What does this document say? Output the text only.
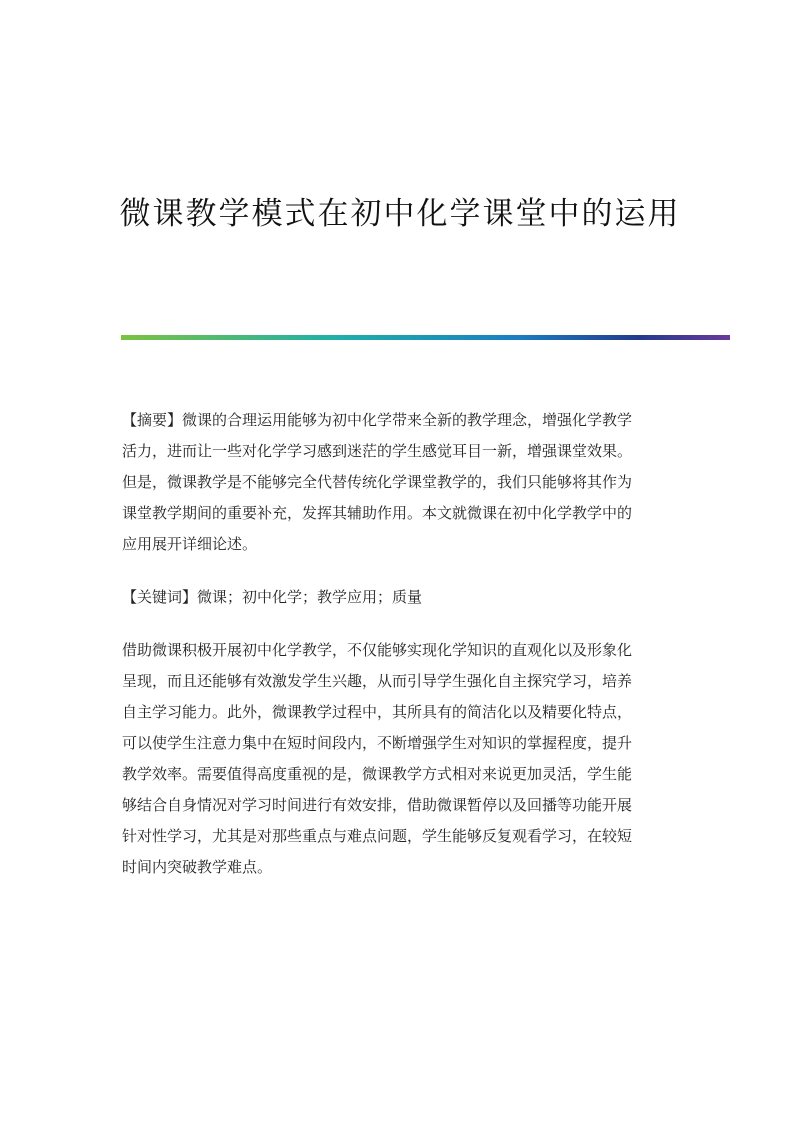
微课教学模式在初中化学课堂中的运用
【摘要】微课的合理运用能够为初中化学带来全新的教学理念，增强化学教学
活力，进而让一些对化学学习感到迷茫的学生感觉耳目一新，增强课堂效果。
但是，微课教学是不能够完全代替传统化学课堂教学的，我们只能够将其作为
课堂教学期间的重要补充，发挥其辅助作用。本文就微课在初中化学教学中的
应用展开详细论述。
【关键词】微课；初中化学；教学应用；质量
借助微课积极开展初中化学教学，不仅能够实现化学知识的直观化以及形象化
呈现，而且还能够有效激发学生兴趣，从而引导学生强化自主探究学习，培养
自主学习能力。此外，微课教学过程中，其所具有的简洁化以及精要化特点，
可以使学生注意力集中在短时间段内，不断增强学生对知识的掌握程度，提升
教学效率。需要值得高度重视的是，微课教学方式相对来说更加灵活，学生能
够结合自身情况对学习时间进行有效安排，借助微课暂停以及回播等功能开展
针对性学习，尤其是对那些重点与难点问题，学生能够反复观看学习，在较短
时间内突破教学难点。
